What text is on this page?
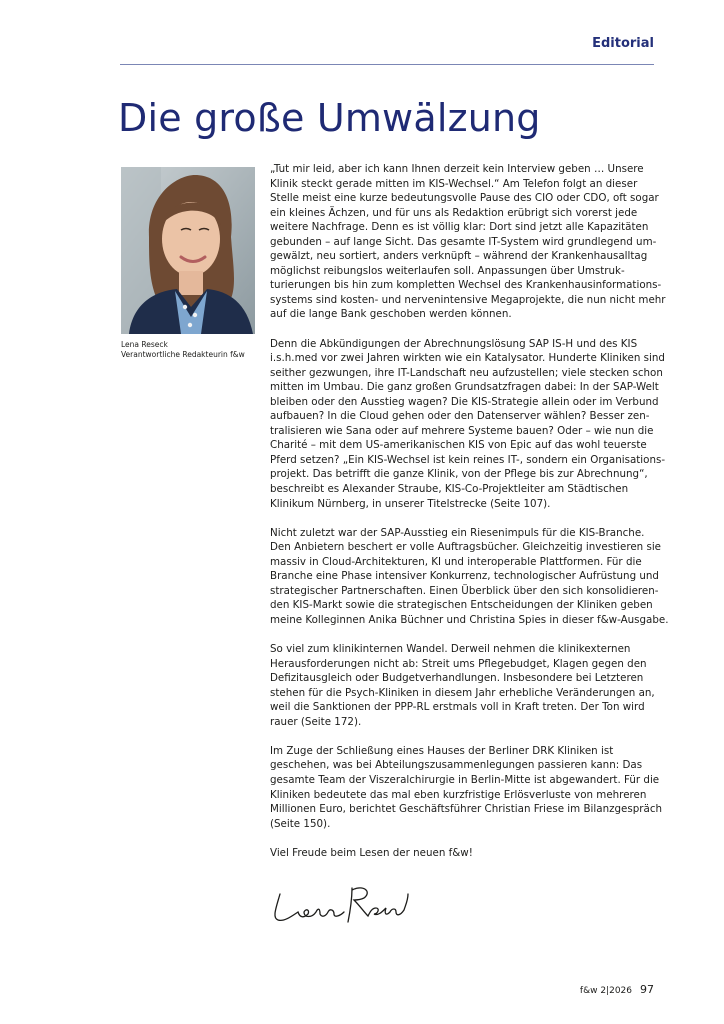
Editorial
Die große Umwälzung
Lena Reseck
Verantwortliche Redakteurin f&w

„Tut mir leid, aber ich kann Ihnen derzeit kein Interview geben … Unsere
Klinik steckt gerade mitten im KIS-Wechsel.“ Am Telefon folgt an dieser
Stelle meist eine kurze bedeutungsvolle Pause des CIO oder CDO, oft sogar
ein kleines Ächzen, und für uns als Redaktion erübrigt sich vorerst jede
weitere Nachfrage. Denn es ist völlig klar: Dort sind jetzt alle Kapazitäten
gebunden – auf lange Sicht. Das gesamte IT-System wird grundlegend um-
gewälzt, neu sortiert, anders verknüpft – während der Krankenhausalltag
möglichst reibungslos weiterlaufen soll. Anpassungen über Umstruk-
turierungen bis hin zum kompletten Wechsel des Krankenhausinformations-
systems sind kosten- und nervenintensive Megaprojekte, die nun nicht mehr
auf die lange Bank geschoben werden können.

Denn die Abkündigungen der Abrechnungslösung SAP IS-H und des KIS
i.s.h.med vor zwei Jahren wirkten wie ein Katalysator. Hunderte Kliniken sind
seither gezwungen, ihre IT-Landschaft neu aufzustellen; viele stecken schon
mitten im Umbau. Die ganz großen Grundsatzfragen dabei: In der SAP-Welt
bleiben oder den Ausstieg wagen? Die KIS-Strategie allein oder im Verbund
aufbauen? In die Cloud gehen oder den Datenserver wählen? Besser zen-
tralisieren wie Sana oder auf mehrere Systeme bauen? Oder – wie nun die
Charité – mit dem US-amerikanischen KIS von Epic auf das wohl teuerste
Pferd setzen? „Ein KIS-Wechsel ist kein reines IT-, sondern ein Organisations-
projekt. Das betrifft die ganze Klinik, von der Pflege bis zur Abrechnung“,
beschreibt es Alexander Straube, KIS-Co-Projektleiter am Städtischen
Klinikum Nürnberg, in unserer Titelstrecke (Seite 107).

Nicht zuletzt war der SAP-Ausstieg ein Riesenimpuls für die KIS-Branche.
Den Anbietern beschert er volle Auftragsbücher. Gleichzeitig investieren sie
massiv in Cloud-Architekturen, KI und interoperable Plattformen. Für die
Branche eine Phase intensiver Konkurrenz, technologischer Aufrüstung und
strategischer Partnerschaften. Einen Überblick über den sich konsolidieren-
den KIS-Markt sowie die strategischen Entscheidungen der Kliniken geben
meine Kolleginnen Anika Büchner und Christina Spies in dieser f&w-Ausgabe.

So viel zum klinikinternen Wandel. Derweil nehmen die klinikexternen
Herausforderungen nicht ab: Streit ums Pflegebudget, Klagen gegen den
Defizitausgleich oder Budgetverhandlungen. Insbesondere bei Letzteren
stehen für die Psych-Kliniken in diesem Jahr erhebliche Veränderungen an,
weil die Sanktionen der PPP-RL erstmals voll in Kraft treten. Der Ton wird
rauer (Seite 172).

Im Zuge der Schließung eines Hauses der Berliner DRK Kliniken ist
geschehen, was bei Abteilungszusammenlegungen passieren kann: Das
gesamte Team der Viszeralchirurgie in Berlin-Mitte ist abgewandert. Für die
Kliniken bedeutete das mal eben kurzfristige Erlösverluste von mehreren
Millionen Euro, berichtet Geschäftsführer Christian Friese im Bilanzgespräch
(Seite 150).

Viel Freude beim Lesen der neuen f&w!

f&w 2|2026 97
